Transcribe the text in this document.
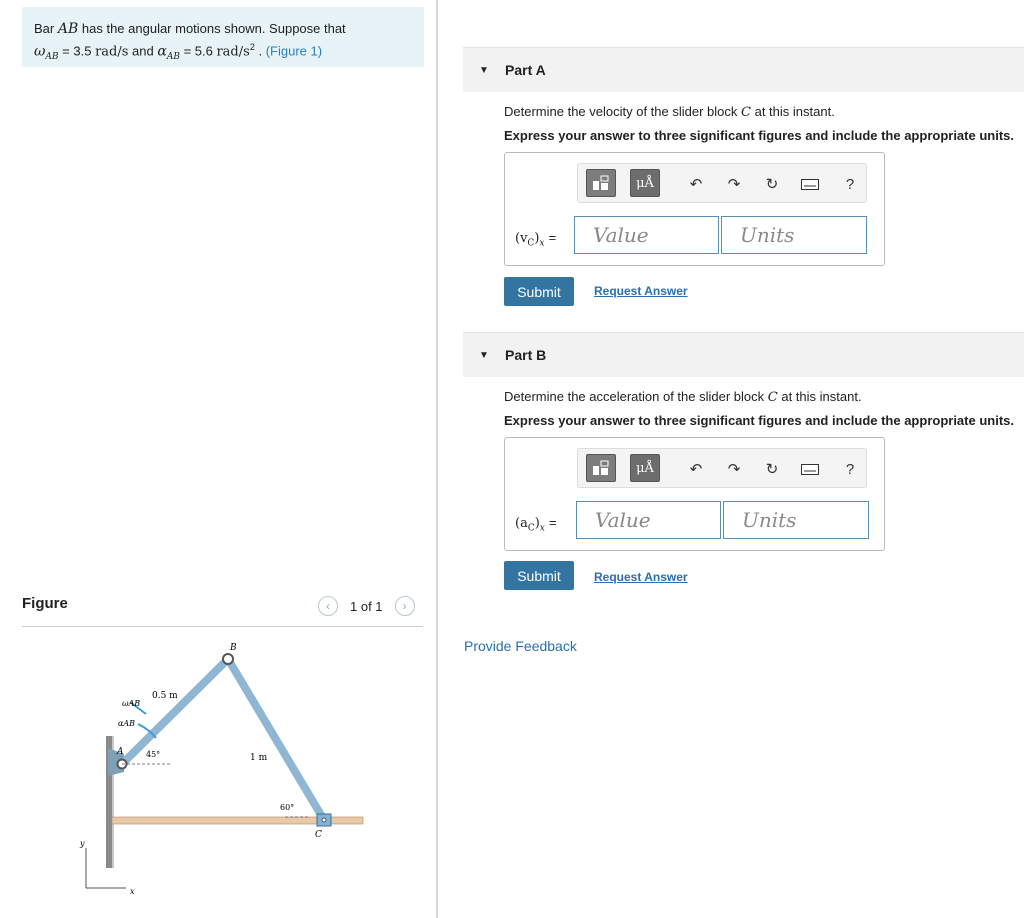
Bar AB has the angular motions shown. Suppose that
$\omega_{AB} = 3.5$ rad/s and $\alpha_{AB} = 5.6$ rad/$s^2$ . (Figure 1)
Figure	‹	1 of 1	›
B
A
C
ωAB
αAB
0.5 m
1 m
45°
60°
y
x
▼ Part A
Determine the velocity of the slider block C at this instant.
Express your answer to three significant figures and include the appropriate units.
μÅ	↶ ↷ ↻	?
$(v_C)_x$ =	Value	Units
Submit	Request Answer
▼ Part B
Determine the acceleration of the slider block C at this instant.
Express your answer to three significant figures and include the appropriate units.
μÅ	↶ ↷ ↻	?
$(a_C)_x$ =	Value	Units
Submit	Request Answer
Provide Feedback
